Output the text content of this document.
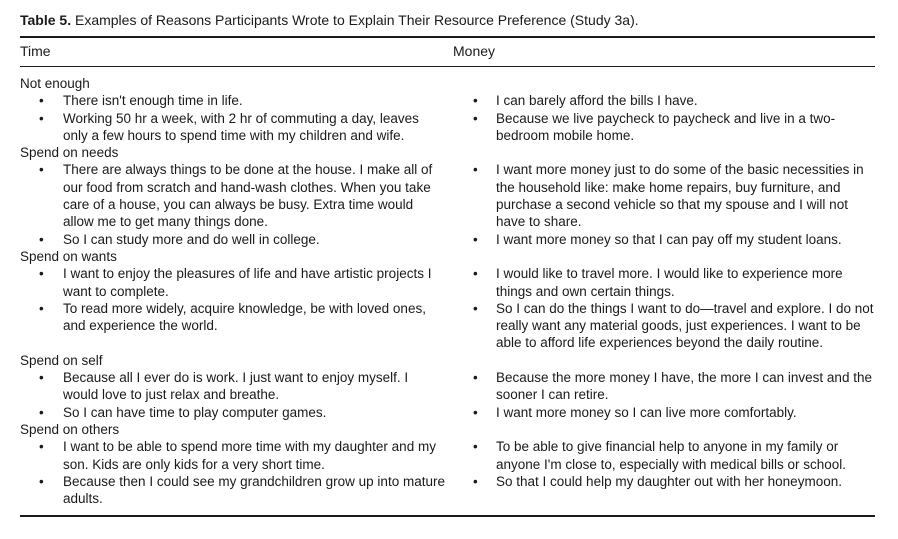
Table 5. Examples of Reasons Participants Wrote to Explain Their Resource Preference (Study 3a).
Time	Money
Not enough
• There isn't enough time in life.
• Working 50 hr a week, with 2 hr of commuting a day, leaves only a few hours to spend time with my children and wife.
Spend on needs
• There are always things to be done at the house. I make all of our food from scratch and hand-wash clothes. When you take care of a house, you can always be busy. Extra time would allow me to get many things done.
• So I can study more and do well in college.
Spend on wants
• I want to enjoy the pleasures of life and have artistic projects I want to complete.
• To read more widely, acquire knowledge, be with loved ones, and experience the world.
Spend on self
• Because all I ever do is work. I just want to enjoy myself. I would love to just relax and breathe.
• So I can have time to play computer games.
Spend on others
• I want to be able to spend more time with my daughter and my son. Kids are only kids for a very short time.
• Because then I could see my grandchildren grow up into mature adults.
• I can barely afford the bills I have.
• Because we live paycheck to paycheck and live in a two-bedroom mobile home.
• I want more money just to do some of the basic necessities in the household like: make home repairs, buy furniture, and purchase a second vehicle so that my spouse and I will not have to share.
• I want more money so that I can pay off my student loans.
• I would like to travel more. I would like to experience more things and own certain things.
• So I can do the things I want to do—travel and explore. I do not really want any material goods, just experiences. I want to be able to afford life experiences beyond the daily routine.
• Because the more money I have, the more I can invest and the sooner I can retire.
• I want more money so I can live more comfortably.
• To be able to give financial help to anyone in my family or anyone I'm close to, especially with medical bills or school.
• So that I could help my daughter out with her honeymoon.
